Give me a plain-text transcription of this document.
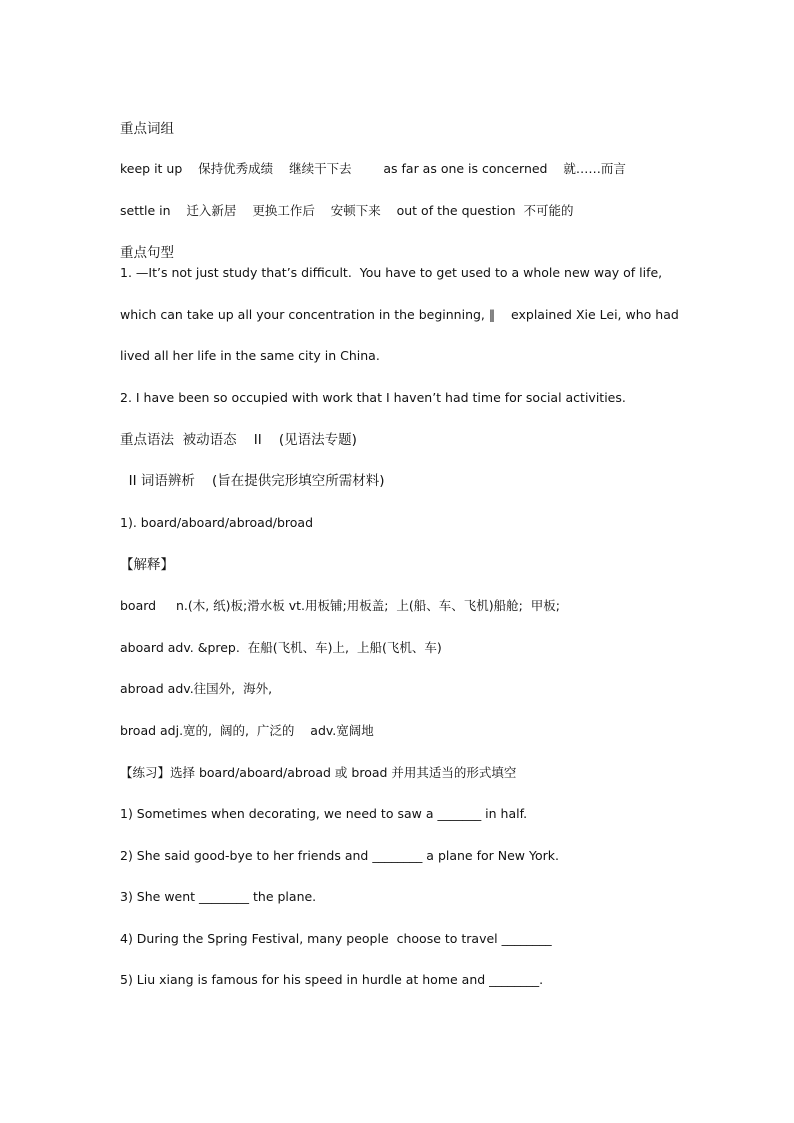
重点词组
keep it up    保持优秀成绩    继续干下去        as far as one is concerned    就……而言
settle in    迁入新居    更换工作后    安顿下来    out of the question  不可能的
重点句型
1. —It’s not just study that’s difficult.  You have to get used to a whole new way of life,
which can take up all your concentration in the beginning, ‖    explained Xie Lei, who had
lived all her life in the same city in China.
2. I have been so occupied with work that I haven’t had time for social activities.
重点语法  被动语态    II    (见语法专题)
II 词语辨析    (旨在提供完形填空所需材料)
1). board/aboard/abroad/broad
【解释】
board     n.(木, 纸)板;滑水板 vt.用板铺;用板盖;  上(船、车、飞机)船舱;  甲板;
aboard adv. &prep.  在船(飞机、车)上,  上船(飞机、车)
abroad adv.往国外,  海外,
broad adj.宽的,  阔的,  广泛的    adv.宽阔地
【练习】选择 board/aboard/abroad 或 broad 并用其适当的形式填空
1) Sometimes when decorating, we need to saw a _______ in half.
2) She said good-bye to her friends and ________ a plane for New York.
3) She went ________ the plane.
4) During the Spring Festival, many people  choose to travel ________
5) Liu xiang is famous for his speed in hurdle at home and ________.
